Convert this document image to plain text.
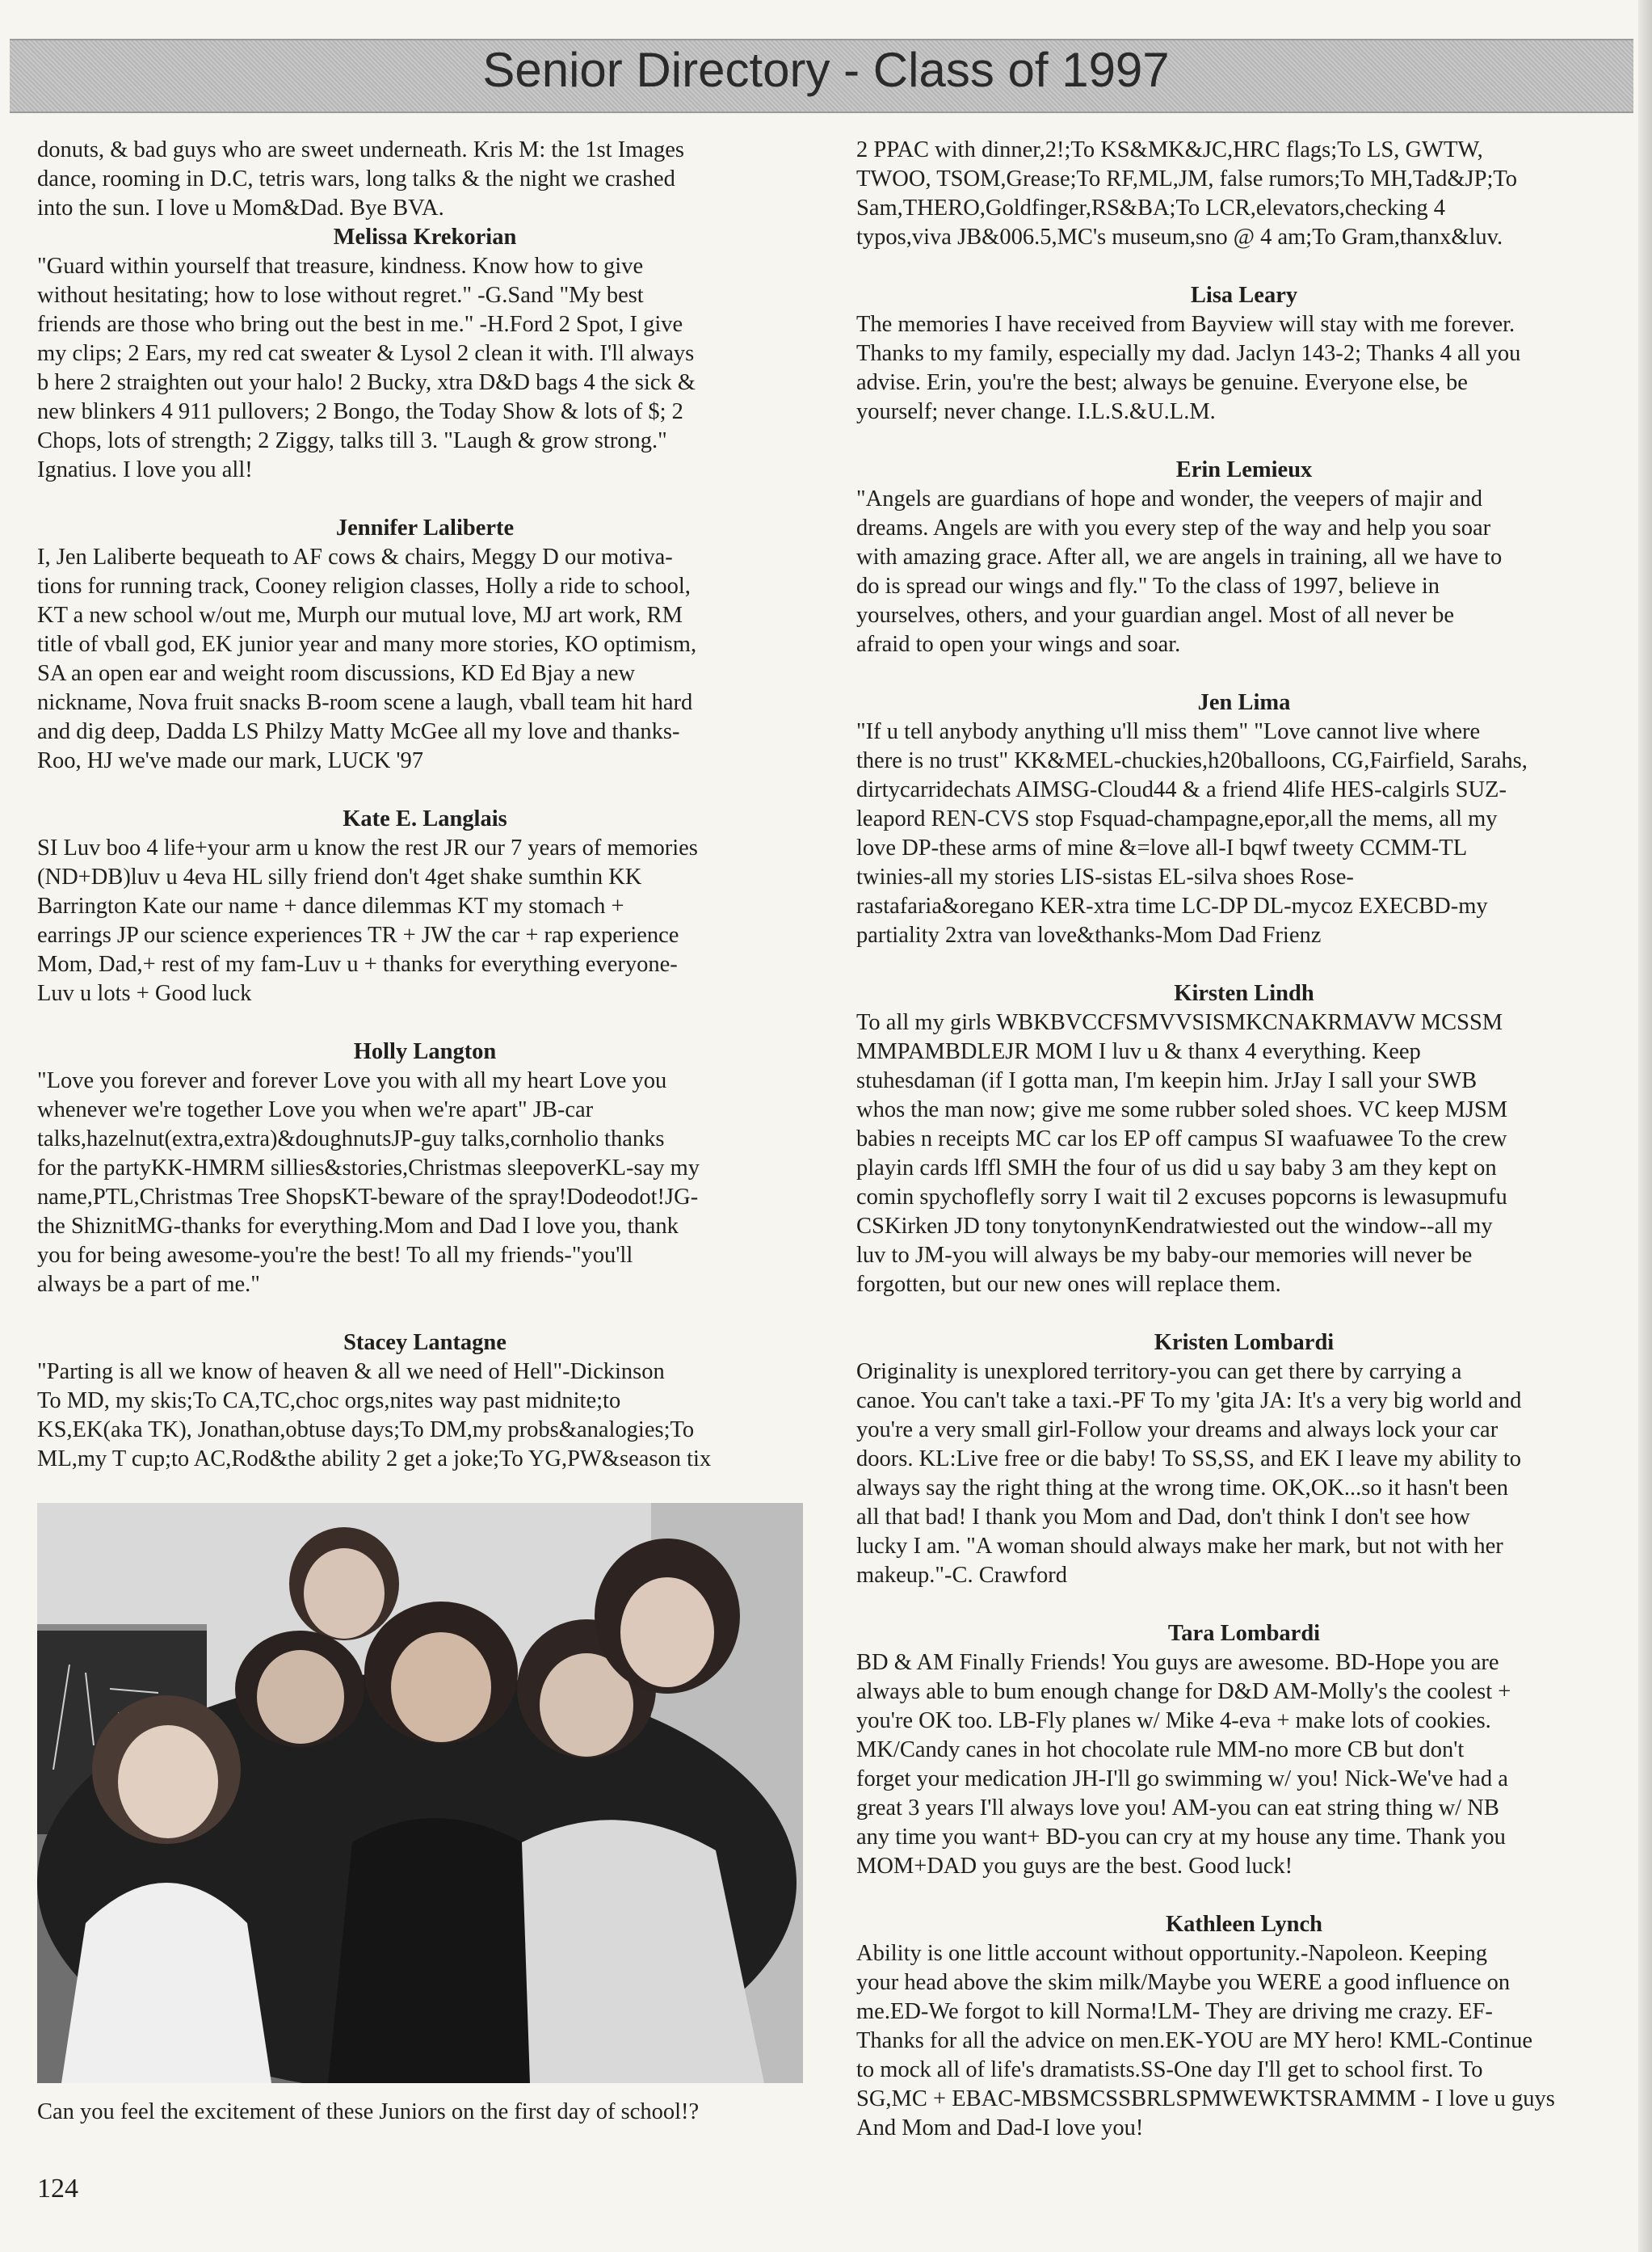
Senior Directory - Class of 1997

donuts, & bad guys who are sweet underneath. Kris M: the 1st Images
dance, rooming in D.C, tetris wars, long talks & the night we crashed
into the sun. I love u Mom&Dad. Bye BVA.

Melissa Krekorian

"Guard within yourself that treasure, kindness. Know how to give
without hesitating; how to lose without regret." -G.Sand "My best
friends are those who bring out the best in me." -H.Ford 2 Spot, I give
my clips; 2 Ears, my red cat sweater & Lysol 2 clean it with. I'll always
b here 2 straighten out your halo! 2 Bucky, xtra D&D bags 4 the sick &
new blinkers 4 911 pullovers; 2 Bongo, the Today Show & lots of $; 2
Chops, lots of strength; 2 Ziggy, talks till 3. "Laugh & grow strong."
Ignatius. I love you all!

Jennifer Laliberte

I, Jen Laliberte bequeath to AF cows & chairs, Meggy D our motiva-
tions for running track, Cooney religion classes, Holly a ride to school,
KT a new school w/out me, Murph our mutual love, MJ art work, RM
title of vball god, EK junior year and many more stories, KO optimism,
SA an open ear and weight room discussions, KD Ed Bjay a new
nickname, Nova fruit snacks B-room scene a laugh, vball team hit hard
and dig deep, Dadda LS Philzy Matty McGee all my love and thanks-
Roo, HJ we've made our mark, LUCK '97

Kate E. Langlais

SI Luv boo 4 life+your arm u know the rest JR our 7 years of memories
(ND+DB)luv u 4eva HL silly friend don't 4get shake sumthin KK
Barrington Kate our name + dance dilemmas KT my stomach +
earrings JP our science experiences TR + JW the car + rap experience
Mom, Dad,+ rest of my fam-Luv u + thanks for everything everyone-
Luv u lots + Good luck

Holly Langton

"Love you forever and forever Love you with all my heart Love you
whenever we're together Love you when we're apart" JB-car
talks,hazelnut(extra,extra)&doughnutsJP-guy talks,cornholio thanks
for the partyKK-HMRM sillies&stories,Christmas sleepoverKL-say my
name,PTL,Christmas Tree ShopsKT-beware of the spray!Dodeodot!JG-
the ShiznitMG-thanks for everything.Mom and Dad I love you, thank
you for being awesome-you're the best! To all my friends-"you'll
always be a part of me."

Stacey Lantagne

"Parting is all we know of heaven & all we need of Hell"-Dickinson
To MD, my skis;To CA,TC,choc orgs,nites way past midnite;to
KS,EK(aka TK), Jonathan,obtuse days;To DM,my probs&analogies;To
ML,my T cup;to AC,Rod&the ability 2 get a joke;To YG,PW&season tix

Can you feel the excitement of these Juniors on the first day of school!?
124

2 PPAC with dinner,2!;To KS&MK&JC,HRC flags;To LS, GWTW,
TWOO, TSOM,Grease;To RF,ML,JM, false rumors;To MH,Tad&JP;To
Sam,THERO,Goldfinger,RS&BA;To LCR,elevators,checking 4
typos,viva JB&006.5,MC's museum,sno @ 4 am;To Gram,thanx&luv.

Lisa Leary

The memories I have received from Bayview will stay with me forever.
Thanks to my family, especially my dad. Jaclyn 143-2; Thanks 4 all you
advise. Erin, you're the best; always be genuine. Everyone else, be
yourself; never change. I.L.S.&U.L.M.

Erin Lemieux

"Angels are guardians of hope and wonder, the veepers of majir and
dreams. Angels are with you every step of the way and help you soar
with amazing grace. After all, we are angels in training, all we have to
do is spread our wings and fly." To the class of 1997, believe in
yourselves, others, and your guardian angel. Most of all never be
afraid to open your wings and soar.

Jen Lima

"If u tell anybody anything u'll miss them" "Love cannot live where
there is no trust" KK&MEL-chuckies,h20balloons, CG,Fairfield, Sarahs,
dirtycarridechats AIMSG-Cloud44 & a friend 4life HES-calgirls SUZ-
leapord REN-CVS stop Fsquad-champagne,epor,all the mems, all my
love DP-these arms of mine &=love all-I bqwf tweety CCMM-TL
twinies-all my stories LIS-sistas EL-silva shoes Rose-
rastafaria&oregano KER-xtra time LC-DP DL-mycoz EXECBD-my
partiality 2xtra van love&thanks-Mom Dad Frienz

Kirsten Lindh

To all my girls WBKBVCCFSMVVSISMKCNAKRMAVW MCSSM
MMPAMBDLEJR MOM I luv u & thanx 4 everything. Keep
stuhesdaman (if I gotta man, I'm keepin him. JrJay I sall your SWB
whos the man now; give me some rubber soled shoes. VC keep MJSM
babies n receipts MC car los EP off campus SI waafuawee To the crew
playin cards lffl SMH the four of us did u say baby 3 am they kept on
comin spychoflefly sorry I wait til 2 excuses popcorns is lewasupmufu
CSKirken JD tony tonytonynKendratwiested out the window--all my
luv to JM-you will always be my baby-our memories will never be
forgotten, but our new ones will replace them.

Kristen Lombardi

Originality is unexplored territory-you can get there by carrying a
canoe. You can't take a taxi.-PF To my 'gita JA: It's a very big world and
you're a very small girl-Follow your dreams and always lock your car
doors. KL:Live free or die baby! To SS,SS, and EK I leave my ability to
always say the right thing at the wrong time. OK,OK...so it hasn't been
all that bad! I thank you Mom and Dad, don't think I don't see how
lucky I am. "A woman should always make her mark, but not with her
makeup."-C. Crawford

Tara Lombardi

BD & AM Finally Friends! You guys are awesome. BD-Hope you are
always able to bum enough change for D&D AM-Molly's the coolest +
you're OK too. LB-Fly planes w/ Mike 4-eva + make lots of cookies.
MK/Candy canes in hot chocolate rule MM-no more CB but don't
forget your medication JH-I'll go swimming w/ you! Nick-We've had a
great 3 years I'll always love you! AM-you can eat string thing w/ NB
any time you want+ BD-you can cry at my house any time. Thank you
MOM+DAD you guys are the best. Good luck!

Kathleen Lynch

Ability is one little account without opportunity.-Napoleon. Keeping
your head above the skim milk/Maybe you WERE a good influence on
me.ED-We forgot to kill Norma!LM- They are driving me crazy. EF-
Thanks for all the advice on men.EK-YOU are MY hero! KML-Continue
to mock all of life's dramatists.SS-One day I'll get to school first. To
SG,MC + EBAC-MBSMCSSBRLSPMWEWKTSRAMMM - I love u guys
And Mom and Dad-I love you!
